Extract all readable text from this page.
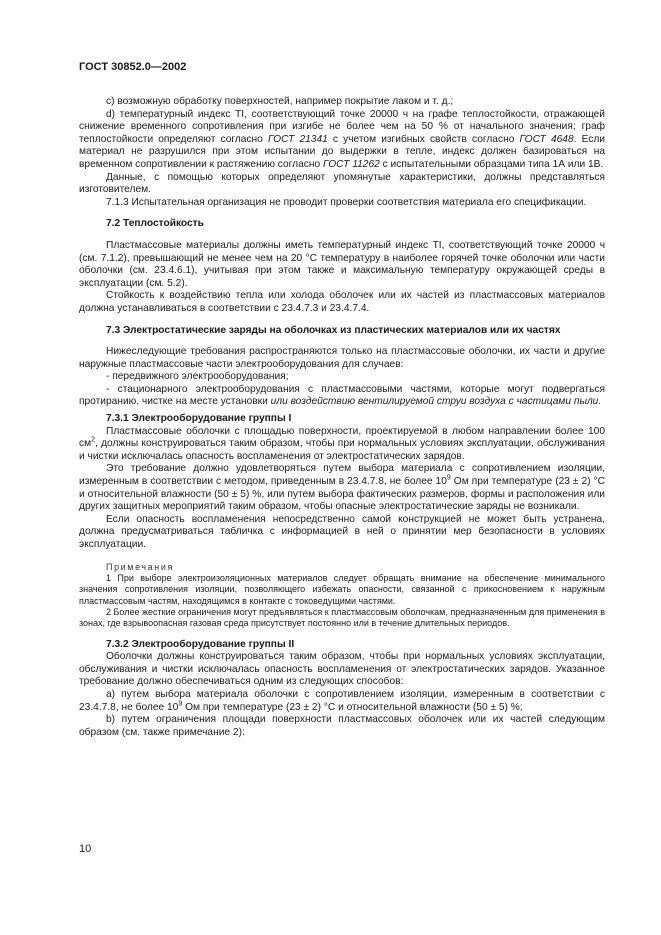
ГОСТ 30852.0—2002

c) возможную обработку поверхностей, например покрытие лаком и т. д.;

d) температурный индекс TI, соответствующий точке 20000 ч на графе теплостойкости, отражающей снижение временного сопротивления при изгибе не более чем на 50 % от начального значения; граф теплостойкости определяют согласно ГОСТ 21341 с учетом изгибных свойств согласно ГОСТ 4648. Если материал не разрушился при этом испытании до выдержки в тепле, индекс должен базироваться на временном сопротивлении к растяжению согласно ГОСТ 11262 с испытательными образцами типа 1А или 1В.

Данные, с помощью которых определяют упомянутые характеристики, должны представляться изготовителем.

7.1.3 Испытательная организация не проводит проверки соответствия материала его спецификации.

7.2 Теплостойкость

Пластмассовые материалы должны иметь температурный индекс TI, соответствующий точке 20000 ч (см. 7.1.2), превышающий не менее чем на 20 °С температуру в наиболее горячей точке оболочки или части оболочки (см. 23.4.6.1), учитывая при этом также и максимальную температуру окружающей среды в эксплуатации (см. 5.2).

Стойкость к воздействию тепла или холода оболочек или их частей из пластмассовых материалов должна устанавливаться в соответствии с 23.4.7.3 и 23.4.7.4.

7.3 Электростатические заряды на оболочках из пластических материалов или их частях

Нижеследующие требования распространяются только на пластмассовые оболочки, их части и другие наружные пластмассовые части электрооборудования для случаев:

- передвижного электрооборудования;

- стационарного электрооборудования с пластмассовыми частями, которые могут подвергаться протиранию, чистке на месте установки или воздействию вентилируемой струи воздуха с частицами пыли.

7.3.1 Электрооборудование группы I

Пластмассовые оболочки с площадью поверхности, проектируемой в любом направлении более 100 $см^2$, должны конструироваться таким образом, чтобы при нормальных условиях эксплуатации, обслуживания и чистки исключалась опасность воспламенения от электростатических зарядов.

Это требование должно удовлетворяться путем выбора материала с сопротивлением изоляции, измеренным в соответствии с методом, приведенным в 23.4.7.8, не более $10^9$ Ом при температуре (23 ± 2) °С и относительной влажности (50 ± 5) %, или путем выбора фактических размеров, формы и расположения или других защитных мероприятий таким образом, чтобы опасные электростатические заряды не возникали.

Если опасность воспламенения непосредственно самой конструкцией не может быть устранена, должна предусматриваться табличка с информацией в ней о принятии мер безопасности в условиях эксплуатации.

Примечания

1 При выборе электроизоляционных материалов следует обращать внимание на обеспечение минимального значения сопротивления изоляции, позволяющего избежать опасности, связанной с прикосновением к наружным пластмассовым частям, находящимся в контакте с токоведущими частями.

2 Более жесткие ограничения могут предъявляться к пластмассовым оболочкам, предназначенным для применения в зонах, где взрывоопасная газовая среда присутствует постоянно или в течение длительных периодов.

7.3.2 Электрооборудование группы II

Оболочки должны конструироваться таким образом, чтобы при нормальных условиях эксплуатации, обслуживания и чистки исключалась опасность воспламенения от электростатических зарядов. Указанное требование должно обеспечиваться одним из следующих способов:

а) путем выбора материала оболочки с сопротивлением изоляции, измеренным в соответствии с 23.4.7.8, не более $10^9$ Ом при температуре (23 ± 2) °С и относительной влажности (50 ± 5) %;

b) путем ограничения площади поверхности пластмассовых оболочек или их частей следующим образом (см. также примечание 2):

10
